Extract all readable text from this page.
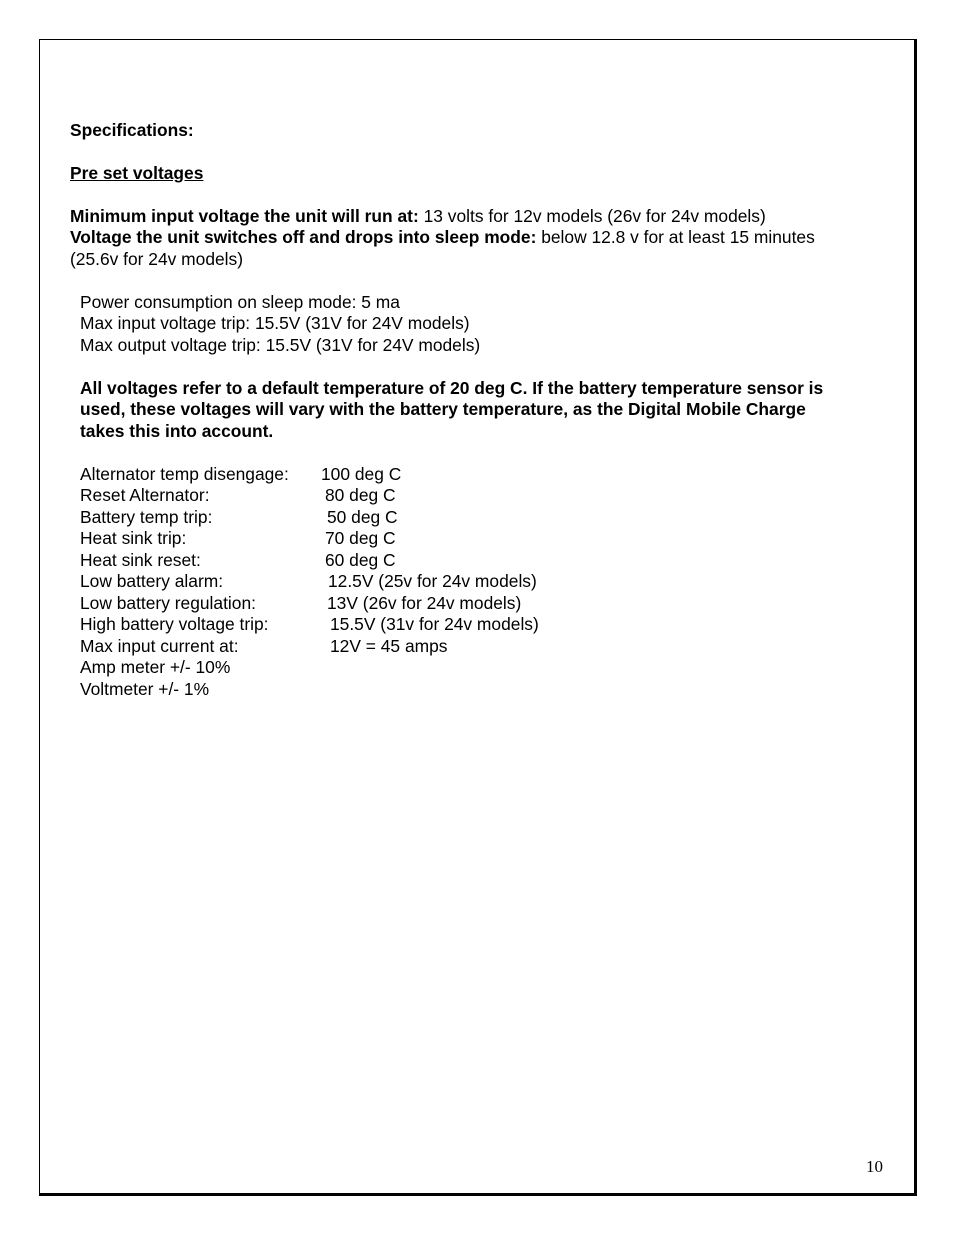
Specifications:
Pre set voltages
Minimum input voltage the unit will run at: 13 volts for 12v models (26v for 24v models)
Voltage the unit switches off and drops into sleep mode: below 12.8 v for at least 15 minutes
(25.6v for 24v models)
Power consumption on sleep mode: 5 ma
Max input voltage trip: 15.5V (31V for 24V models)
Max output voltage trip: 15.5V (31V for 24V models)
All voltages refer to a default temperature of 20 deg C. If the battery temperature sensor is
used, these voltages will vary with the battery temperature, as the Digital Mobile Charge
takes this into account.
Alternator temp disengage: 100 deg C
Reset Alternator:	80 deg C
Battery temp trip:	50 deg C
Heat sink trip:	70 deg C
Heat sink reset:	60 deg C
Low battery alarm:	12.5V (25v for 24v models)
Low battery regulation:	13V (26v for 24v models)
High battery voltage trip:	15.5V (31v for 24v models)
Max input current at:	12V = 45 amps
Amp meter +/- 10%
Voltmeter +/- 1%
10
